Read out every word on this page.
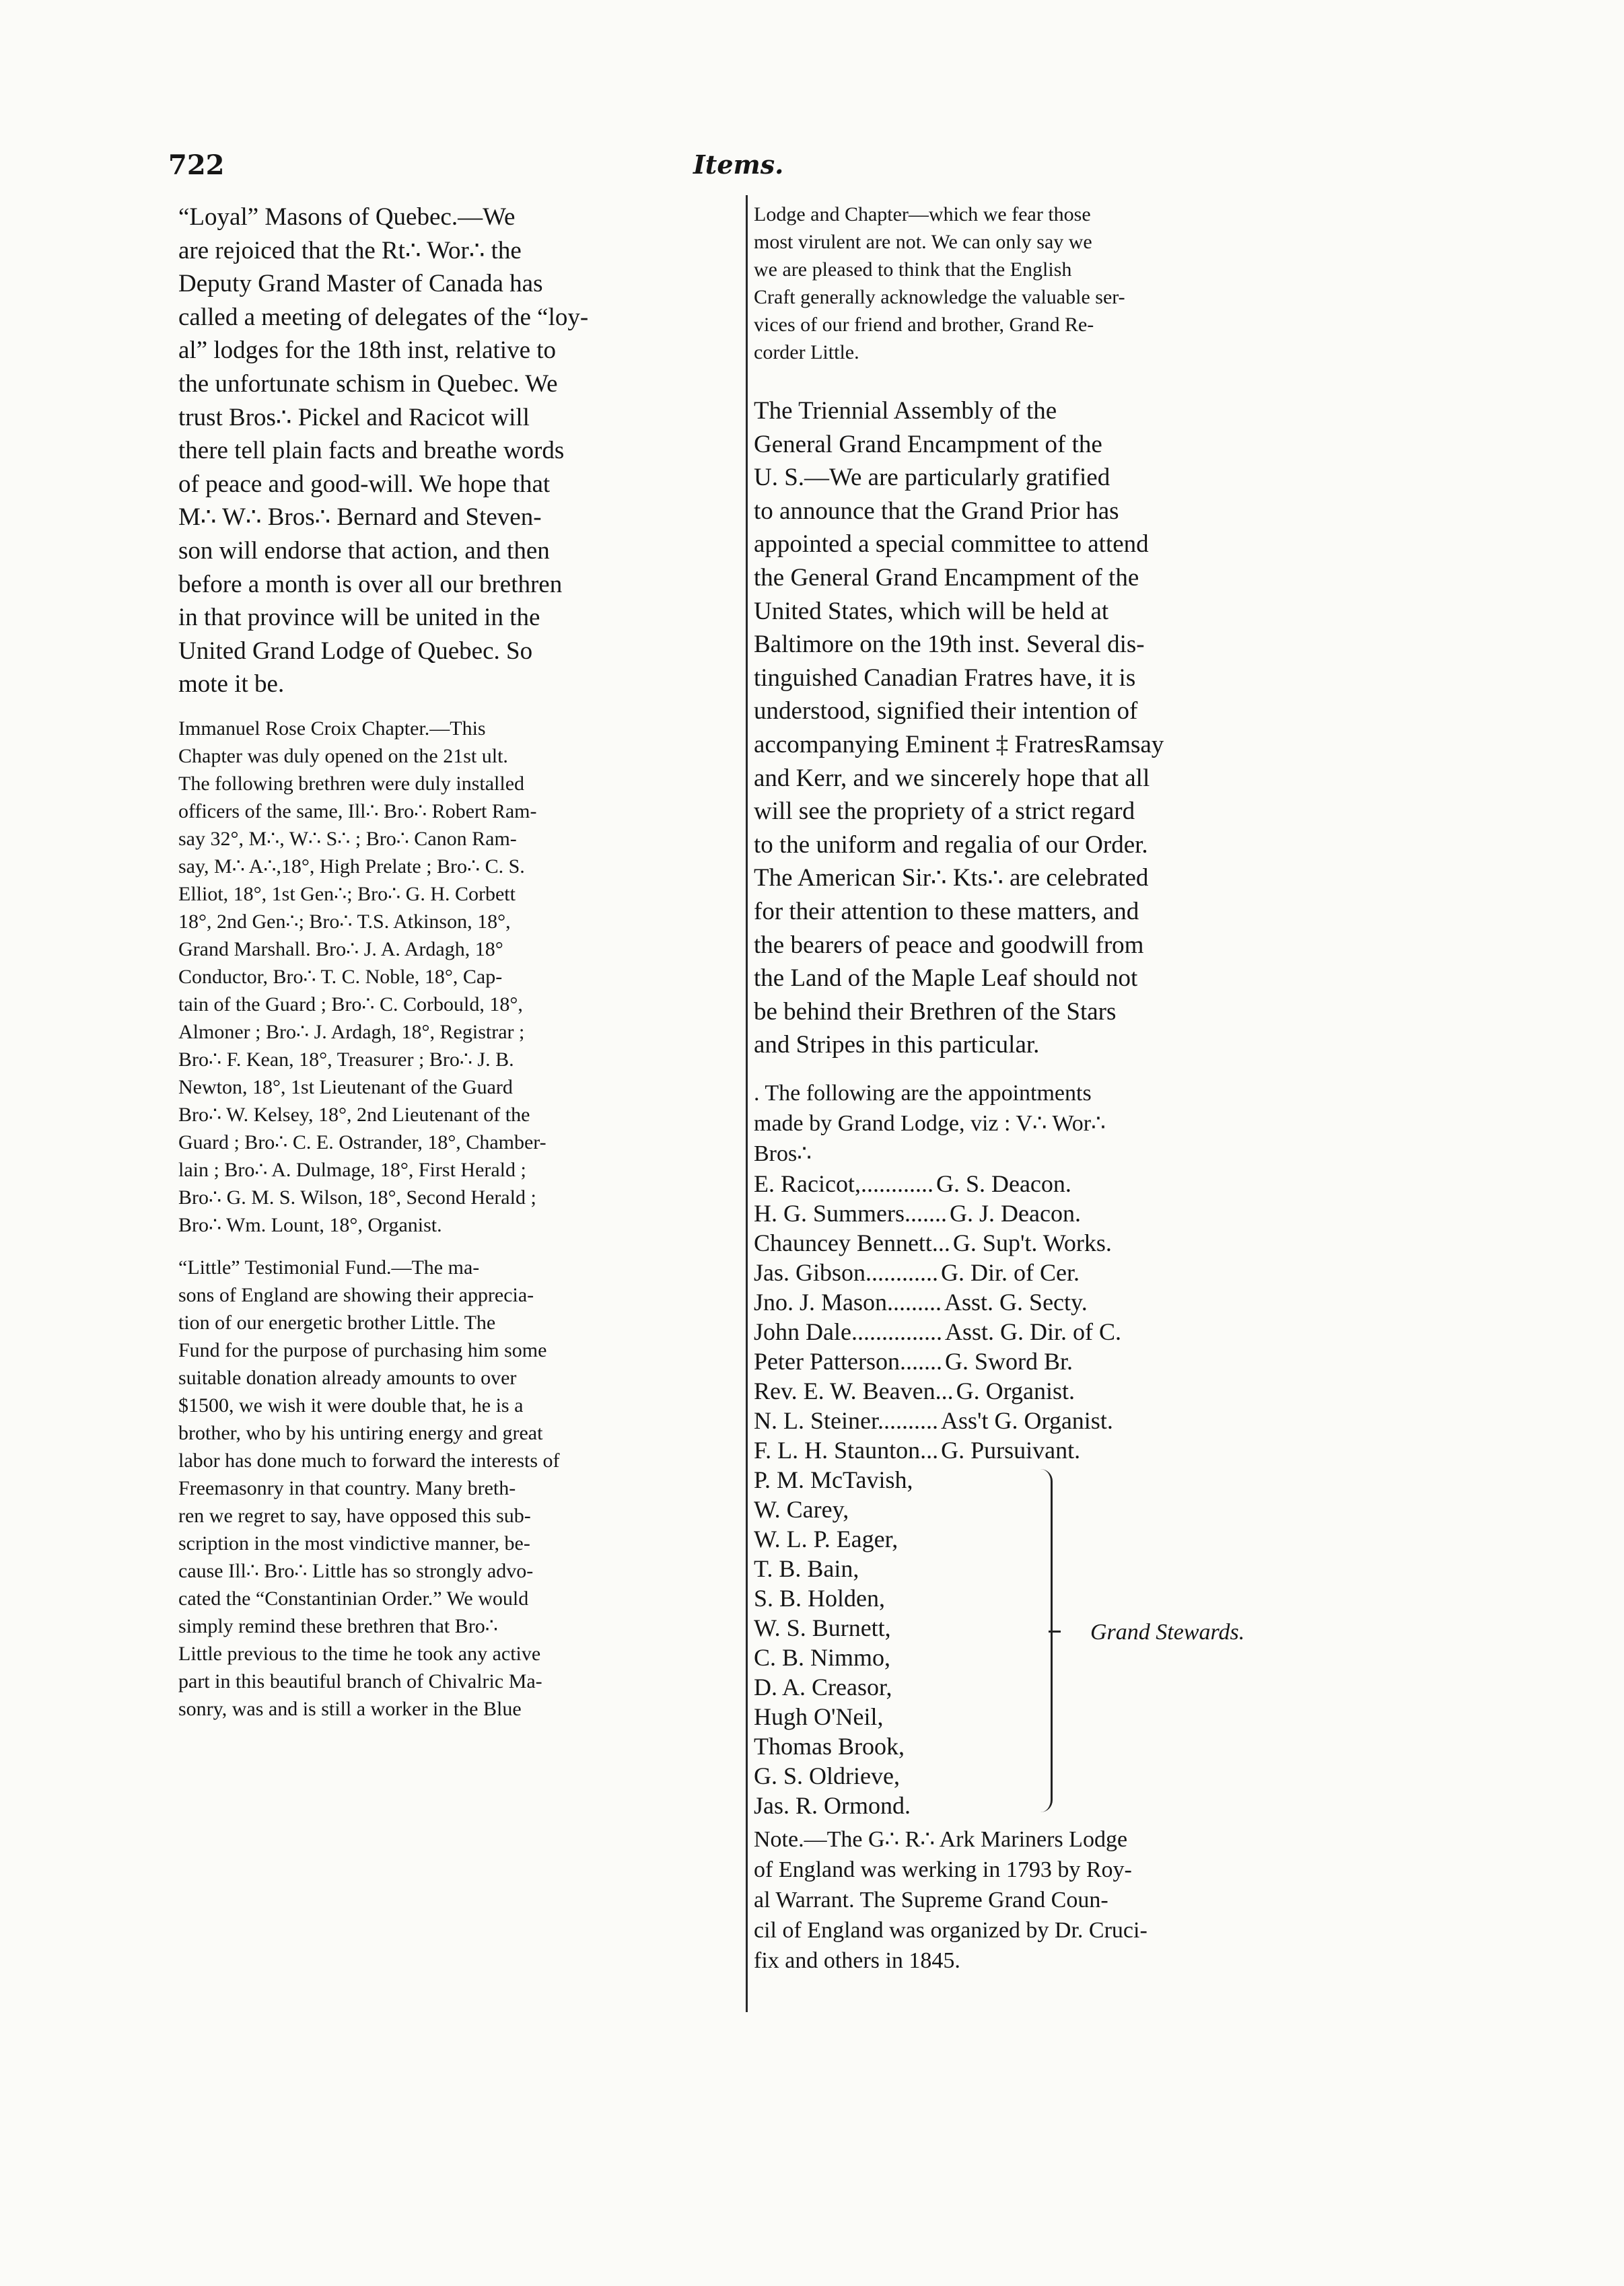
722	Items.
“Loyal” Masons of Quebec.—We
are rejoiced that the Rt∴ Wor∴ the
Deputy Grand Master of Canada has
called a meeting of delegates of the “loy-
al” lodges for the 18th inst, relative to
the unfortunate schism in Quebec. We
trust Bros∴ Pickel and Racicot will
there tell plain facts and breathe words
of peace and good-will. We hope that
M∴ W∴ Bros∴ Bernard and Steven-
son will endorse that action, and then
before a month is over all our brethren
in that province will be united in the
United Grand Lodge of Quebec. So
mote it be.
Immanuel Rose Croix Chapter.—This
Chapter was duly opened on the 21st ult.
The following brethren were duly installed
officers of the same, Ill∴ Bro∴ Robert Ram-
say 32°, M∴, W∴ S∴ ; Bro∴ Canon Ram-
say, M∴ A∴,18°, High Prelate ; Bro∴ C. S.
Elliot, 18°, 1st Gen∴; Bro∴ G. H. Corbett
18°, 2nd Gen∴; Bro∴ T.S. Atkinson, 18°,
Grand Marshall. Bro∴ J. A. Ardagh, 18°
Conductor, Bro∴ T. C. Noble, 18°, Cap-
tain of the Guard ; Bro∴ C. Corbould, 18°,
Almoner ; Bro∴ J. Ardagh, 18°, Registrar ;
Bro∴ F. Kean, 18°, Treasurer ; Bro∴ J. B.
Newton, 18°, 1st Lieutenant of the Guard
Bro∴ W. Kelsey, 18°, 2nd Lieutenant of the
Guard ; Bro∴ C. E. Ostrander, 18°, Chamber-
lain ; Bro∴ A. Dulmage, 18°, First Herald ;
Bro∴ G. M. S. Wilson, 18°, Second Herald ;
Bro∴ Wm. Lount, 18°, Organist.
“Little” Testimonial Fund.—The ma-
sons of England are showing their apprecia-
tion of our energetic brother Little. The
Fund for the purpose of purchasing him some
suitable donation already amounts to over
$1500, we wish it were double that, he is a
brother, who by his untiring energy and great
labor has done much to forward the interests of
Freemasonry in that country. Many breth-
ren we regret to say, have opposed this sub-
scription in the most vindictive manner, be-
cause Ill∴ Bro∴ Little has so strongly advo-
cated the “Constantinian Order.” We would
simply remind these brethren that Bro∴
Little previous to the time he took any active
part in this beautiful branch of Chivalric Ma-
sonry, was and is still a worker in the Blue
Lodge and Chapter—which we fear those
most virulent are not. We can only say we
we are pleased to think that the English
Craft generally acknowledge the valuable ser-
vices of our friend and brother, Grand Re-
corder Little.
The Triennial Assembly of the
General Grand Encampment of the
U. S.—We are particularly gratified
to announce that the Grand Prior has
appointed a special committee to attend
the General Grand Encampment of the
United States, which will be held at
Baltimore on the 19th inst. Several dis-
tinguished Canadian Fratres have, it is
understood, signified their intention of
accompanying Eminent ‡ FratresRamsay
and Kerr, and we sincerely hope that all
will see the propriety of a strict regard
to the uniform and regalia of our Order.
The American Sir∴ Kts∴ are celebrated
for their attention to these matters, and
the bearers of peace and goodwill from
the Land of the Maple Leaf should not
be behind their Brethren of the Stars
and Stripes in this particular.
. The following are the appointments
made by Grand Lodge, viz : V∴ Wor∴
Bros∴
E. Racicot,............ G. S. Deacon.
H. G. Summers....... G. J. Deacon.
Chauncey Bennett... G. Sup't. Works.
Jas. Gibson............ G. Dir. of Cer.
Jno. J. Mason......... Asst. G. Secty.
John Dale............... Asst. G. Dir. of C.
Peter Patterson....... G. Sword Br.
Rev. E. W. Beaven... G. Organist.
N. L. Steiner.......... Ass't G. Organist.
F. L. H. Staunton... G. Pursuivant.
P. M. McTavish,
W. Carey,
W. L. P. Eager,
T. B. Bain,
S. B. Holden,
W. S. Burnett,
C. B. Nimmo,
D. A. Creasor,
Hugh O'Neil,
Thomas Brook,
G. S. Oldrieve,
Jas. R. Ormond.
Grand Stewards.
Note.—The G∴ R∴ Ark Mariners Lodge
of England was werking in 1793 by Roy-
al Warrant. The Supreme Grand Coun-
cil of England was organized by Dr. Cruci-
fix and others in 1845.
